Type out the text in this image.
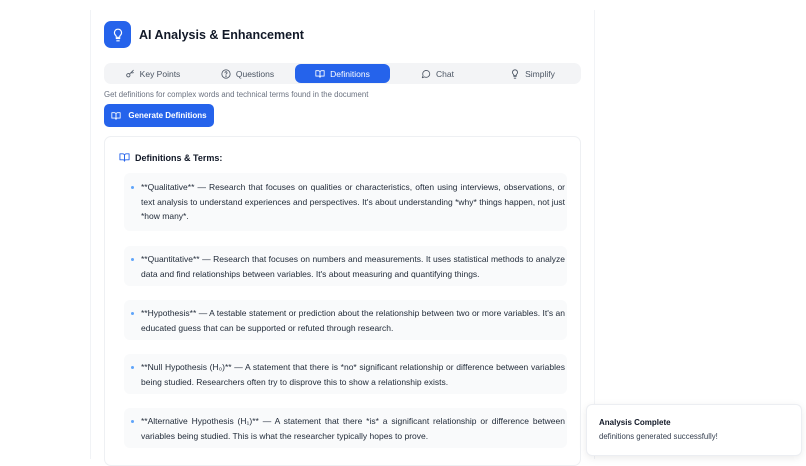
AI Analysis & Enhancement
Key Points	Questions	Definitions	Chat	Simplify
Get definitions for complex words and technical terms found in the document
Generate Definitions
Definitions & Terms:
**Qualitative** — Research that focuses on qualities or characteristics, often using interviews, observations, or text analysis to understand experiences and perspectives. It's about understanding *why* things happen, not just *how many*.
**Quantitative** — Research that focuses on numbers and measurements. It uses statistical methods to analyze data and find relationships between variables. It's about measuring and quantifying things.
**Hypothesis** — A testable statement or prediction about the relationship between two or more variables. It's an educated guess that can be supported or refuted through research.
**Null Hypothesis (H₀)** — A statement that there is *no* significant relationship or difference between variables being studied. Researchers often try to disprove this to show a relationship exists.
**Alternative Hypothesis (H₁)** — A statement that there *is* a significant relationship or difference between variables being studied. This is what the researcher typically hopes to prove.
Analysis Complete
definitions generated successfully!
